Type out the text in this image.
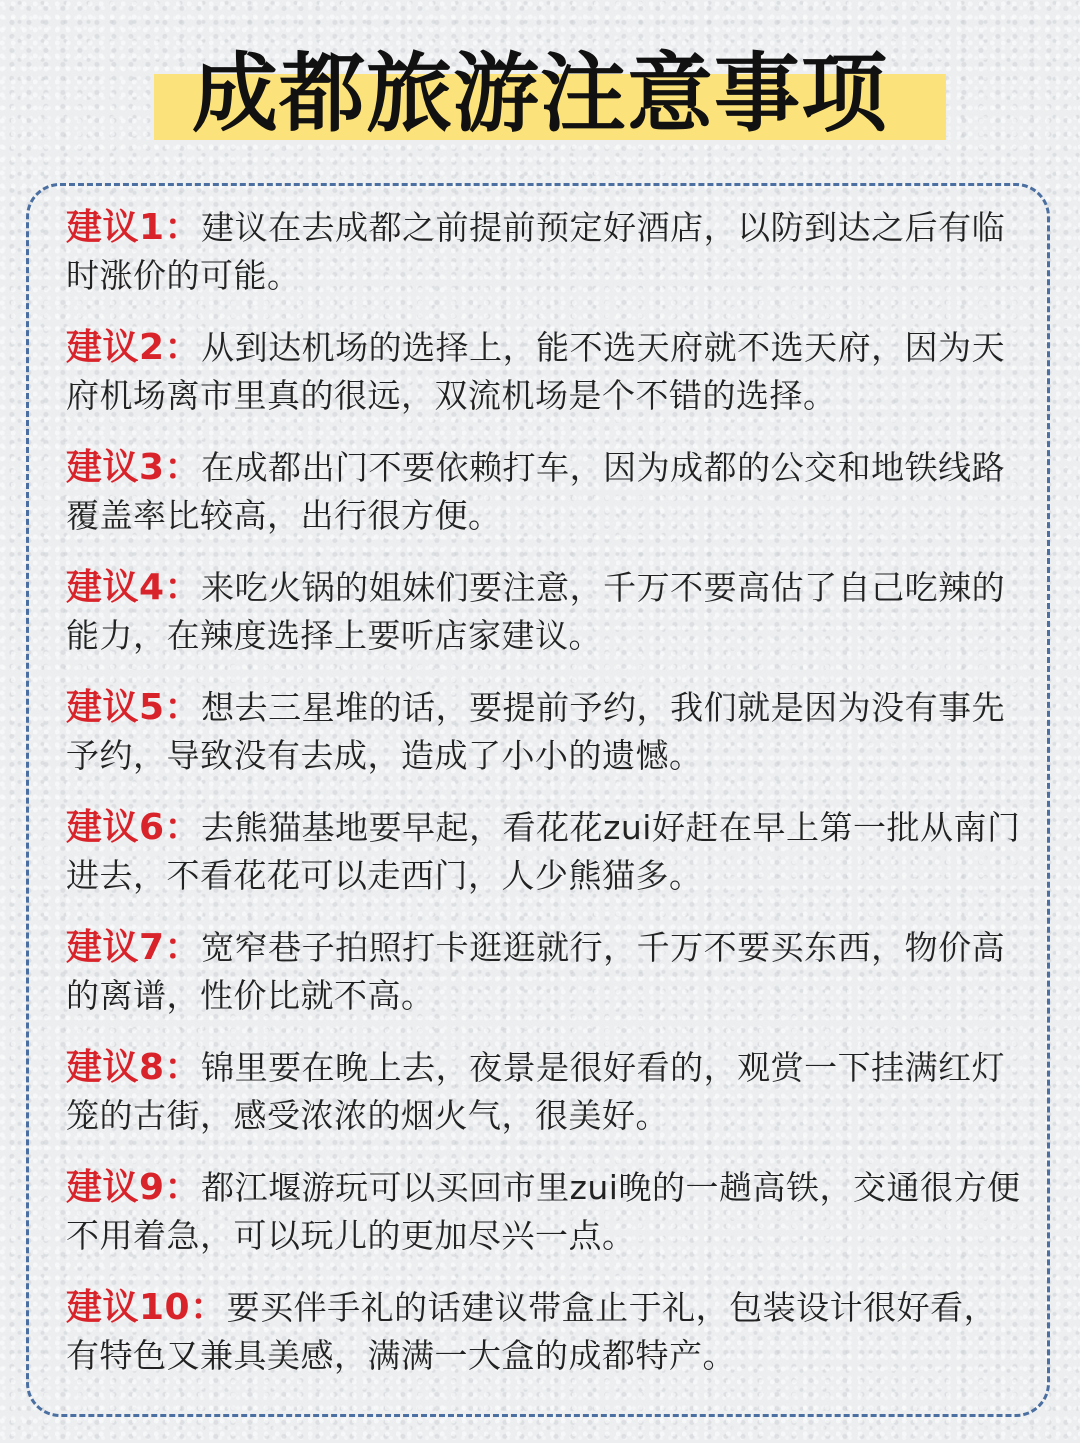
成都旅游注意事项
建议1：建议在去成都之前提前预定好酒店，以防到达之后有临时涨价的可能。
建议2：从到达机场的选择上，能不选天府就不选天府，因为天府机场离市里真的很远，双流机场是个不错的选择。
建议3：在成都出门不要依赖打车，因为成都的公交和地铁线路覆盖率比较高，出行很方便。
建议4：来吃火锅的姐妹们要注意，千万不要高估了自己吃辣的能力，在辣度选择上要听店家建议。
建议5：想去三星堆的话，要提前予约，我们就是因为没有事先予约，导致没有去成，造成了小小的遗憾。
建议6：去熊猫基地要早起，看花花zui好赶在早上第一批从南门进去，不看花花可以走西门，人少熊猫多。
建议7：宽窄巷子拍照打卡逛逛就行，千万不要买东西，物价高的离谱，性价比就不高。
建议8：锦里要在晚上去，夜景是很好看的，观赏一下挂满红灯笼的古街，感受浓浓的烟火气，很美好。
建议9：都江堰游玩可以买回市里zui晚的一趟高铁，交通很方便不用着急，可以玩儿的更加尽兴一点。
建议10：要买伴手礼的话建议带盒止于礼，包装设计很好看，有特色又兼具美感，满满一大盒的成都特产。
